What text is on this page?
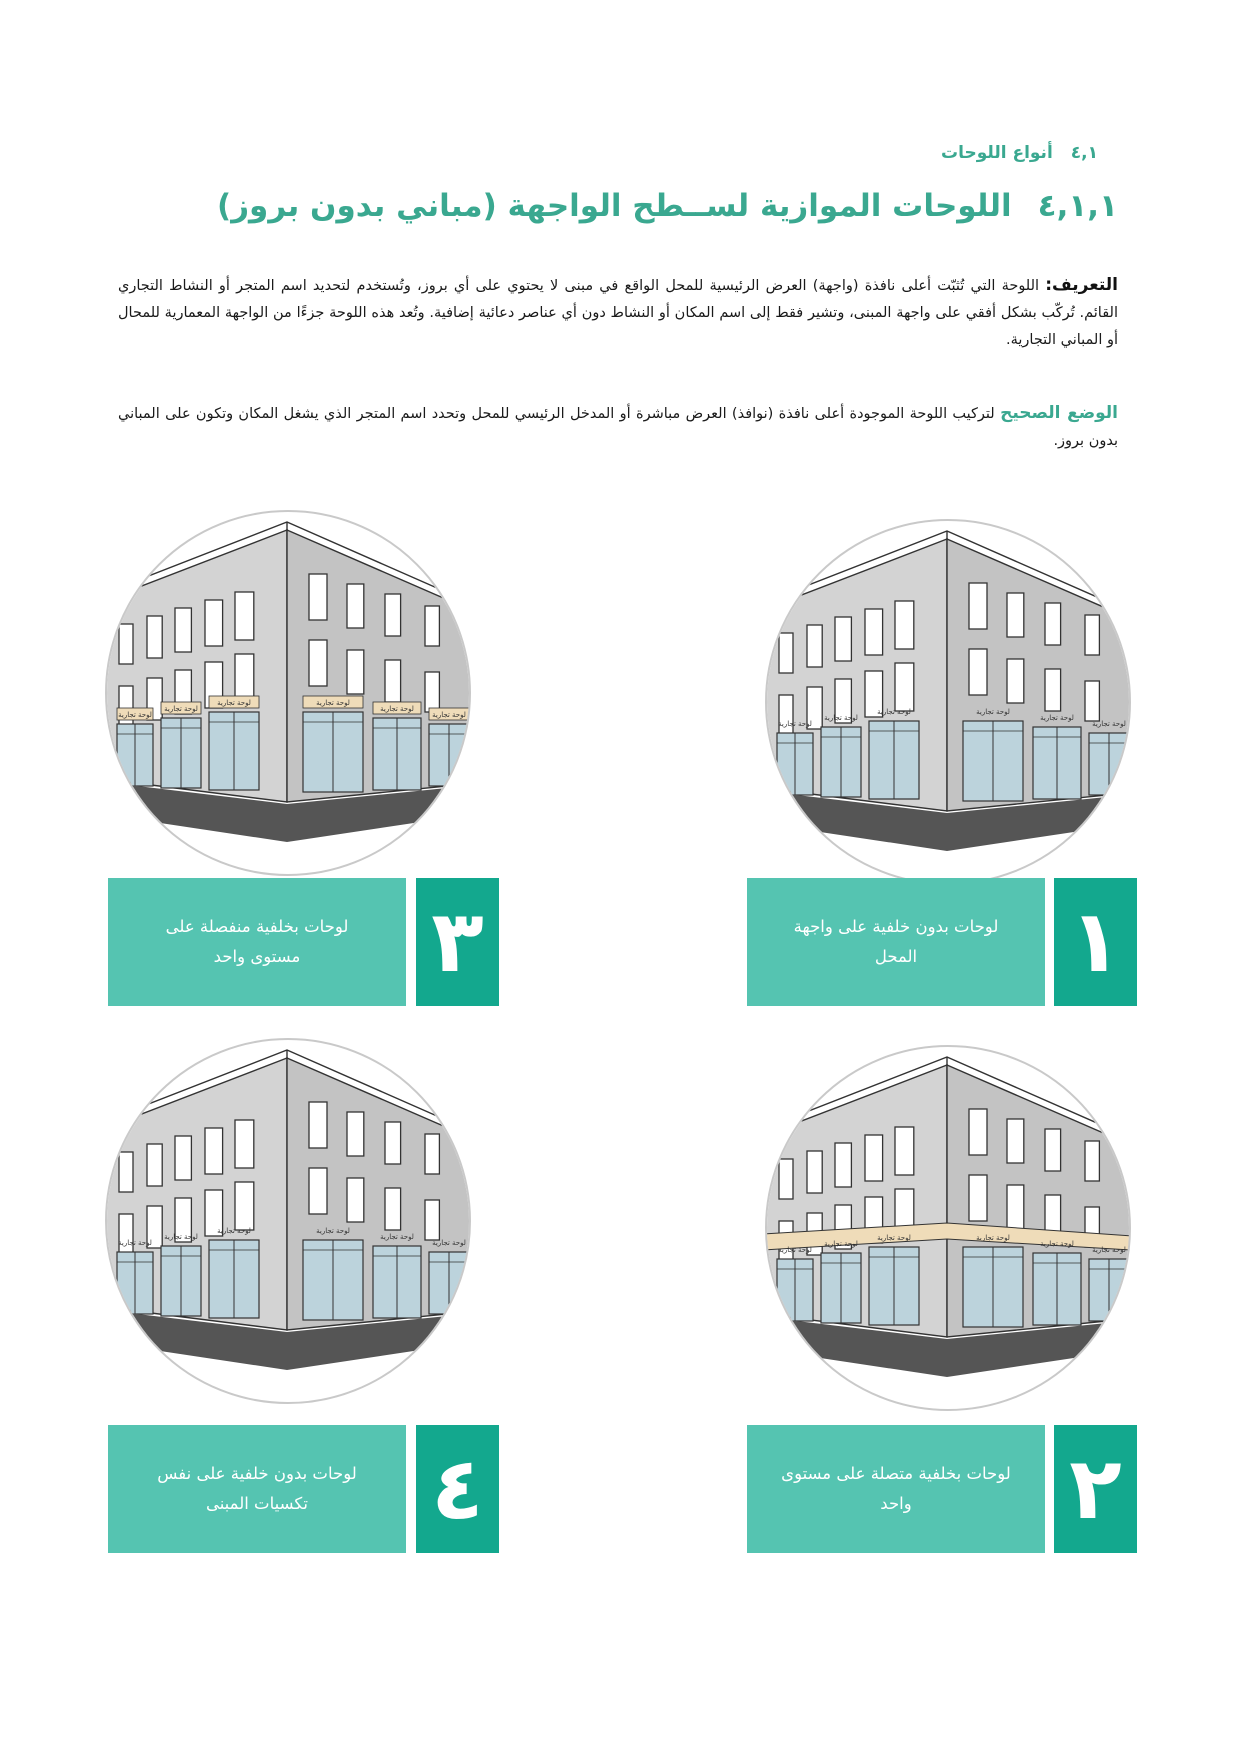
٤,١أنواع اللوحات
٤,١,١اللوحات الموازية لســطح الواجهة (مباني بدون بروز)
التعريف: اللوحة التي تُثبّت أعلى نافذة (واجهة) العرض الرئيسية للمحل الواقع في مبنى لا يحتوي على أي بروز، وتُستخدم لتحديد اسم المتجر أو النشاط التجاري القائم. تُركّب بشكل أفقي على واجهة المبنى، وتشير فقط إلى اسم المكان أو النشاط دون أي عناصر دعائية إضافية. وتُعد هذه اللوحة جزءًا من الواجهة المعمارية للمحال أو المباني التجارية.
الوضع الصحيح لتركيب اللوحة الموجودة أعلى نافذة (نوافذ) العرض مباشرة أو المدخل الرئيسي للمحل وتحدد اسم المتجر الذي يشغل المكان وتكون على المباني بدون بروز.
لوحة تجارية
لوحة تجارية
لوحة تجارية	لوحة تجارية
لوحة تجارية
لوحة تجارية
لوحة تجارية
لوحة تجارية
لوحة تجارية	لوحة تجارية
لوحة تجارية
لوحة تجارية
لوحة تجارية
لوحة تجارية
لوحة تجارية	لوحة تجارية
لوحة تجارية
لوحة تجارية
لوحة تجارية
لوحة تجارية
لوحة تجارية	لوحة تجارية
لوحة تجارية
لوحة تجارية
١
لوحات بدون خلفية على واجهة المحل
٣
لوحات بخلفية منفصلة على مستوى واحد
٢
لوحات بخلفية متصلة على مستوى واحد
٤
لوحات بدون خلفية على نفس تكسيات المبنى
